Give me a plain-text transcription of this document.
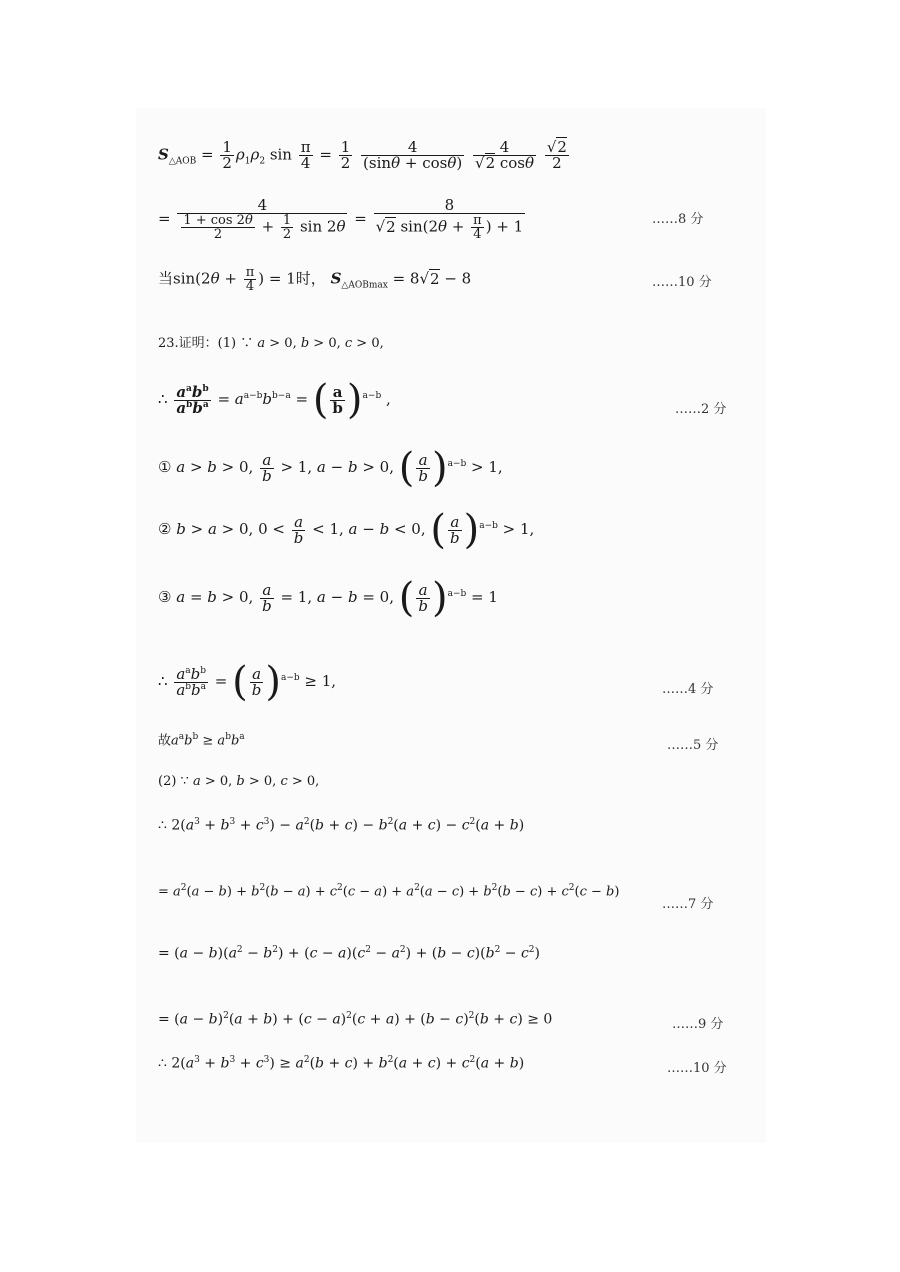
$S_{\triangle AOB} = \frac{1}{2} \rho_1\rho_2$ $\sin \frac{\pi}{4} = \frac{1}{2}$
$\frac{4}{(\sin\theta + \cos\theta)}$
$\frac{4}{√2 \cos\theta}$
$\frac{√2}{2}$
= $\frac{4}{\frac{1 + \cos 2\theta}{2} + \frac{1}{2} \sin 2\theta} = \frac{8}{√2 \sin(2\theta + \frac{\pi}{4} ) + 1}$	……8 分
当$\sin(2\theta + \frac{\pi}{4}$ ) = 1时， $S_{\triangle AOBmax} = 8√2 - 8$	……10 分
23.证明：(1) ∵ a > 0, b > 0, c > 0,
∴ $\frac{a^ab^b}{a^bb^a} = a^{a-b}b^{b-a}$ = ( $\frac{a}{b} )^{a-b}$ ,
……2 分
① a > b > 0, $\frac{a}{b} > 1$, a − b > 0, ( $\frac{a}{b} )^{a-b} > 1$,
② b > a > 0, $0 < \frac{a}{b} < 1$, a − b < 0, ( $\frac{a}{b} )^{a-b} > 1$,
③ a = b > 0, $\frac{a}{b} = 1$, a − b = 0, ( $\frac{a}{b} )^{a-b} = 1$
∴ $\frac{a^ab^b}{a^bb^a}$ = ( $\frac{a}{b} )^{a-b} \ge 1$,	……4 分
故$a^ab^b \ge a^bb^a$
……5 分
(2) ∵ a > 0, b > 0, c > 0,
∴ $2(a^3 + b^3 + c^3) - a^2(b + c) - b^2(a + c) - c^2(a + b)$
= $a^2(a - b) + b^2(b - a) + c^2(c - a) + a^2(a - c) + b^2(b - c) + c^2(c - b)$
……7 分
= $(a - b)(a^2 - b^2) + (c - a)(c^2 - a^2) + (b - c)(b^2 - c^2)$
= $(a - b)^2(a + b) + (c - a)^2(c + a) + (b - c)^2(b + c) \ge 0$	……9 分
∴ $2(a^3 + b^3 + c^3) \ge a^2(b + c) + b^2(a + c) + c^2(a + b)$	……10 分
